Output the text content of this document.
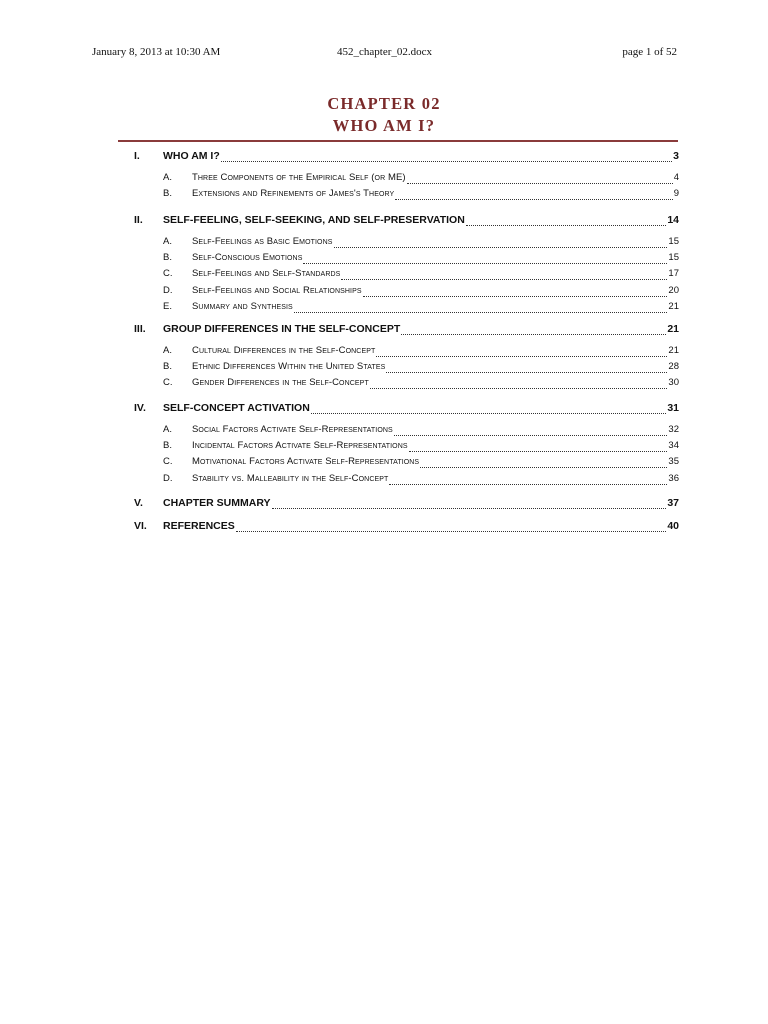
452_chapter_02.docx
January 8, 2013 at 10:30 AM	page 1 of 52
CHAPTER 02
WHO AM I?
I.	WHO AM I?	3
A.	Three Components of the Empirical Self (or ME)	4
B.	Extensions and Refinements of James's Theory	9
II.	SELF-FEELING, SELF-SEEKING, AND SELF-PRESERVATION	14
A.	Self-Feelings as Basic Emotions	15
B.	Self-Conscious Emotions	15
C.	Self-Feelings and Self-Standards	17
D.	Self-Feelings and Social Relationships	20
E.	Summary and Synthesis	21
III.	GROUP DIFFERENCES IN THE SELF-CONCEPT	21
A.	Cultural Differences in the Self-Concept	21
B.	Ethnic Differences Within the United States	28
C.	Gender Differences in the Self-Concept	30
IV.	SELF-CONCEPT ACTIVATION	31
A.	Social Factors Activate Self-Representations	32
B.	Incidental Factors Activate Self-Representations	34
C.	Motivational Factors Activate Self-Representations	35
D.	Stability vs. Malleability in the Self-Concept	36
V.	CHAPTER SUMMARY	37
VI.	REFERENCES	40
